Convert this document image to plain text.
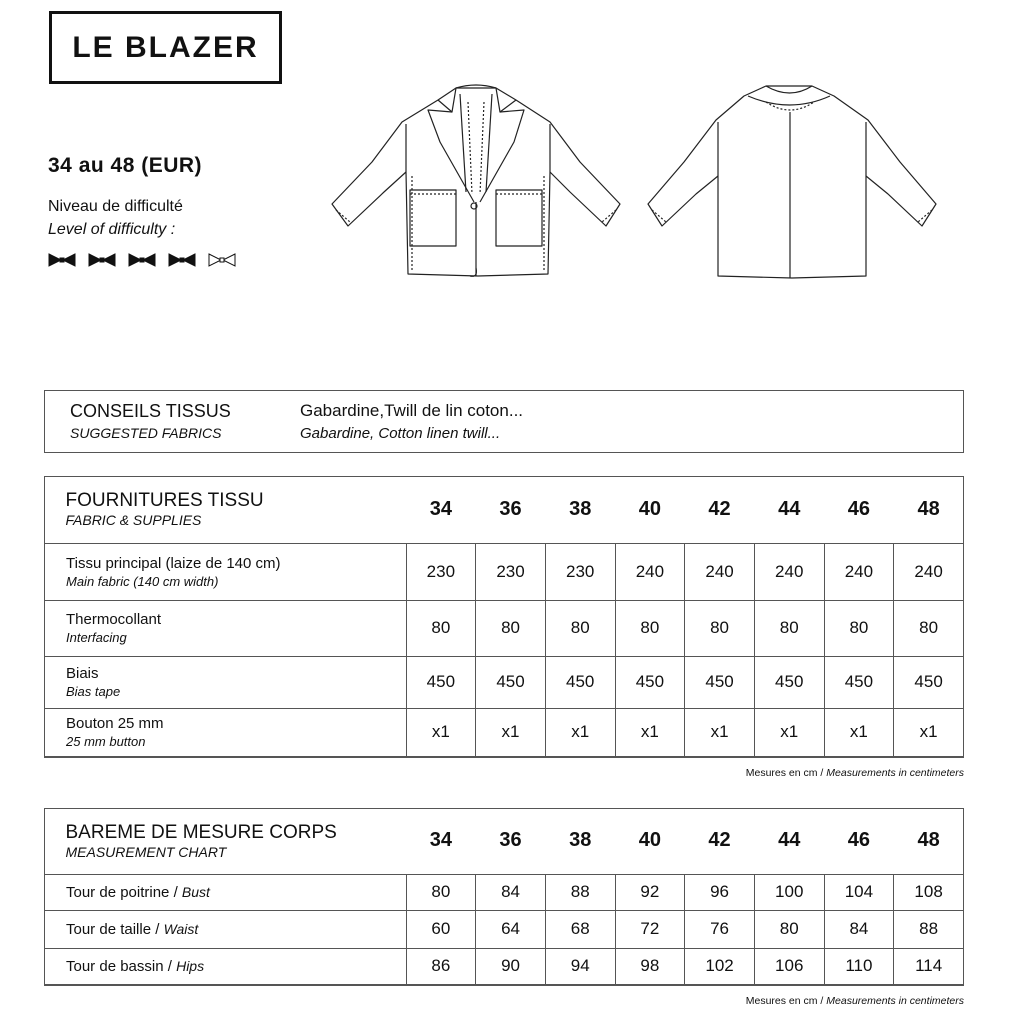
LE BLAZER
34 au 48 (EUR)
Niveau de difficulté
Level of difficulty :
CONSEILS TISSUS
SUGGESTED FABRICS
Gabardine,Twill de lin coton...
Gabardine, Cotton linen twill...
FOURNITURES TISSU
FABRIC & SUPPLIES	34	36	38	40	42	44	46	48

Tissu principal (laize de 140 cm)
Main fabric (140 cm width)	230	230	230	240	240	240	240	240

Thermocollant
Interfacing	80	80	80	80	80	80	80	80

Biais
Bias tape	450	450	450	450	450	450	450	450

Bouton 25 mm
25 mm button	x1	x1	x1	x1	x1	x1	x1	x1
Mesures en cm / Measurements in centimeters
BAREME DE MESURE CORPS
MEASUREMENT CHART	34	36	38	40	42	44	46	48
Tour de poitrine / Bust	80	84	88	92	96	100	104	108
Tour de taille / Waist	60	64	68	72	76	80	84	88
Tour de bassin / Hips	86	90	94	98	102	106	110	114
Mesures en cm / Measurements in centimeters
